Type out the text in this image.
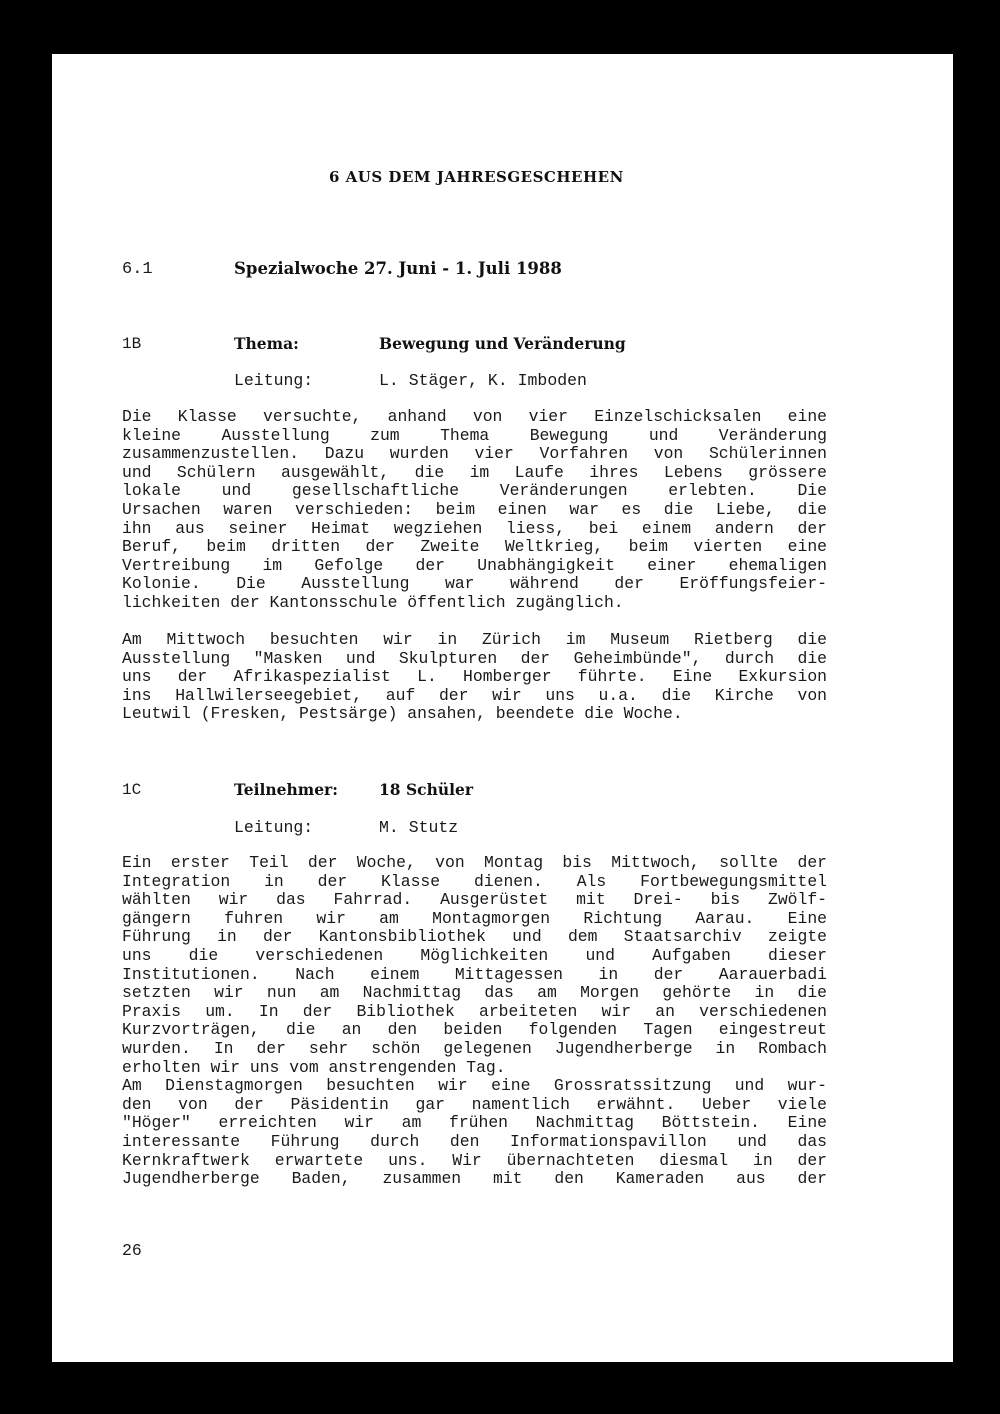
6 AUS DEM JAHRESGESCHEHEN
6.1	Spezialwoche 27. Juni - 1. Juli 1988
1B	Thema:	Bewegung und Veränderung
Leitung:	L. Stäger, K. Imboden
Die Klasse versuchte, anhand von vier Einzelschicksalen eine
kleine Ausstellung zum Thema Bewegung und Veränderung
zusammenzustellen. Dazu wurden vier Vorfahren von Schülerinnen
und Schülern ausgewählt, die im Laufe ihres Lebens grössere
lokale und gesellschaftliche Veränderungen erlebten. Die
Ursachen waren verschieden: beim einen war es die Liebe, die
ihn aus seiner Heimat wegziehen liess, bei einem andern der
Beruf, beim dritten der Zweite Weltkrieg, beim vierten eine
Vertreibung im Gefolge der Unabhängigkeit einer ehemaligen
Kolonie. Die Ausstellung war während der Eröffungsfeier-
lichkeiten der Kantonsschule öffentlich zugänglich.
Am Mittwoch besuchten wir in Zürich im Museum Rietberg die
Ausstellung "Masken und Skulpturen der Geheimbünde", durch die
uns der Afrikaspezialist L. Homberger führte. Eine Exkursion
ins Hallwilerseegebiet, auf der wir uns u.a. die Kirche von
Leutwil (Fresken, Pestsärge) ansahen, beendete die Woche.
1C	Teilnehmer:	18 Schüler
Leitung:	M. Stutz
Ein erster Teil der Woche, von Montag bis Mittwoch, sollte der
Integration in der Klasse dienen. Als Fortbewegungsmittel
wählten wir das Fahrrad. Ausgerüstet mit Drei- bis Zwölf-
gängern fuhren wir am Montagmorgen Richtung Aarau. Eine
Führung in der Kantonsbibliothek und dem Staatsarchiv zeigte
uns die verschiedenen Möglichkeiten und Aufgaben dieser
Institutionen. Nach einem Mittagessen in der Aarauerbadi
setzten wir nun am Nachmittag das am Morgen gehörte in die
Praxis um. In der Bibliothek arbeiteten wir an verschiedenen
Kurzvorträgen, die an den beiden folgenden Tagen eingestreut
wurden. In der sehr schön gelegenen Jugendherberge in Rombach
erholten wir uns vom anstrengenden Tag.
Am Dienstagmorgen besuchten wir eine Grossratssitzung und wur-
den von der Päsidentin gar namentlich erwähnt. Ueber viele
"Höger" erreichten wir am frühen Nachmittag Böttstein. Eine
interessante Führung durch den Informationspavillon und das
Kernkraftwerk erwartete uns. Wir übernachteten diesmal in der
Jugendherberge Baden, zusammen mit den Kameraden aus der
26
